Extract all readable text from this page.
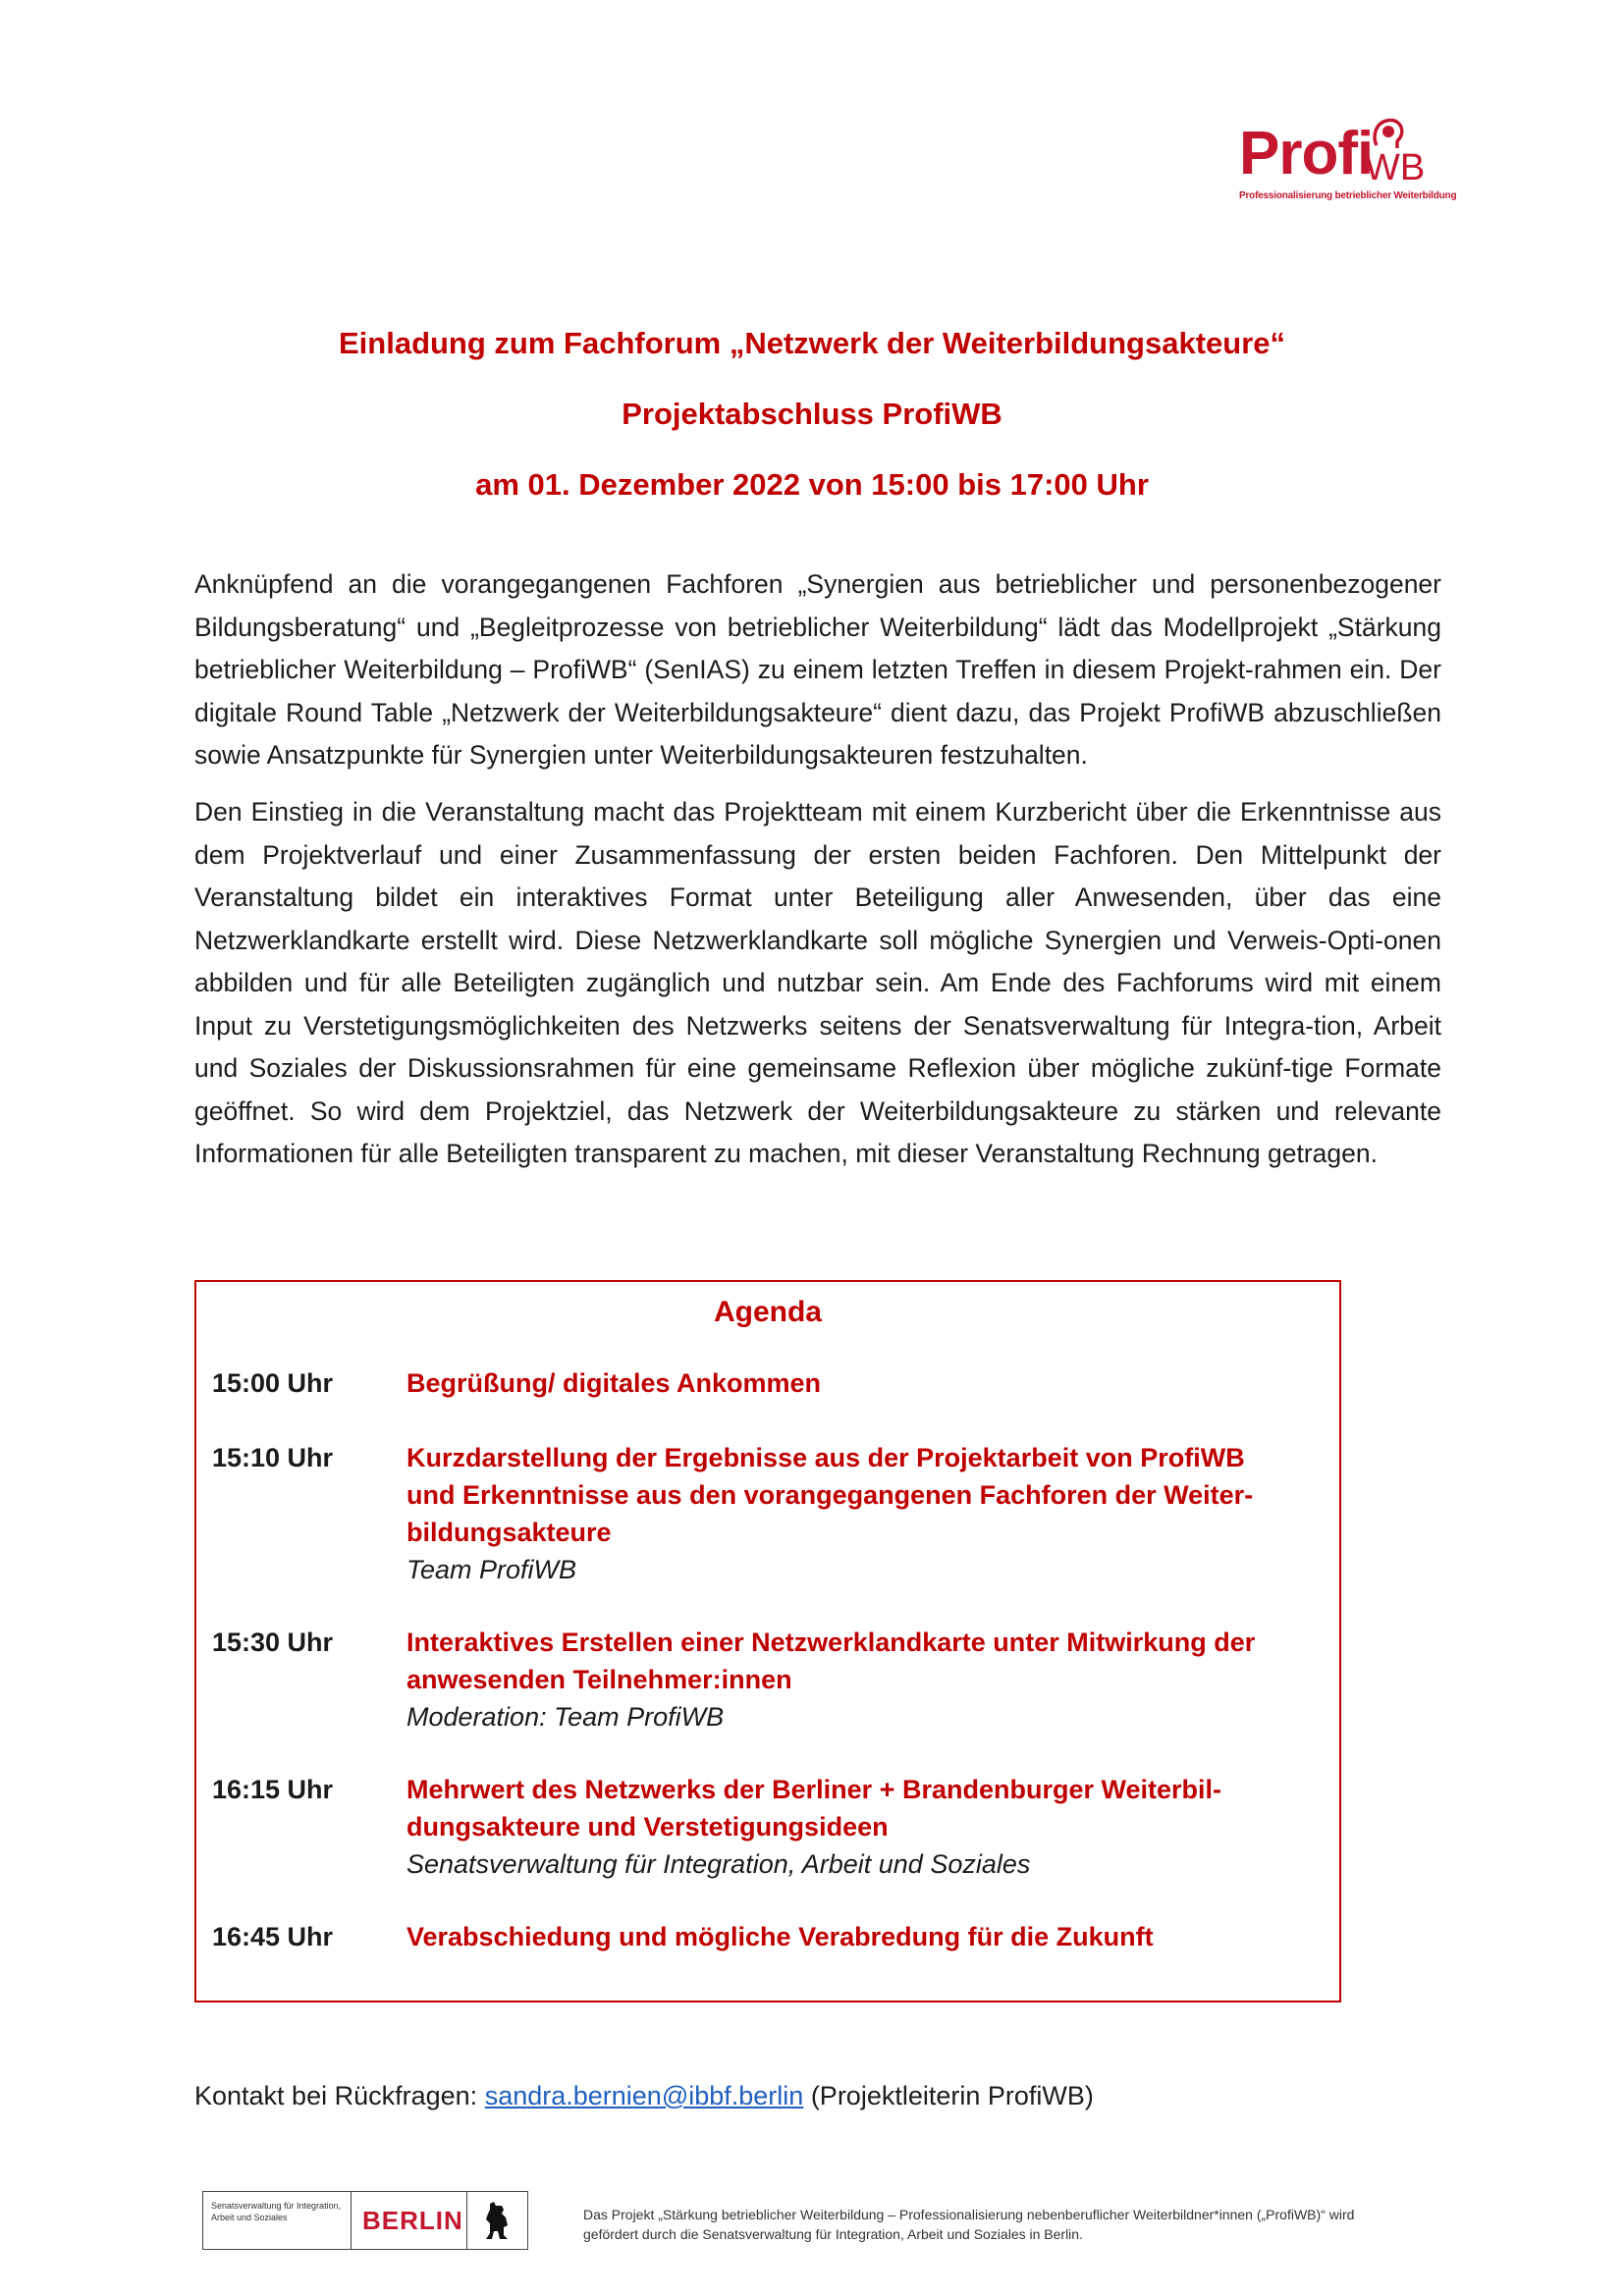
Profi
WB
Professionalisierung betrieblicher Weiterbildung
Einladung zum Fachforum „Netzwerk der Weiterbildungsakteure“
Projektabschluss ProfiWB
am 01. Dezember 2022 von 15:00 bis 17:00 Uhr

Anknüpfend an die vorangegangenen Fachforen „Synergien aus betrieblicher und personenbezogener Bildungsberatung“ und „Begleitprozesse von betrieblicher Weiterbildung“ lädt das Modellprojekt „Stärkung betrieblicher Weiterbildung – ProfiWB“ (SenIAS) zu einem letzten Treffen in diesem Projekt-rahmen ein. Der digitale Round Table „Netzwerk der Weiterbildungsakteure“ dient dazu, das Projekt ProfiWB abzuschließen sowie Ansatzpunkte für Synergien unter Weiterbildungsakteuren festzuhalten.

Den Einstieg in die Veranstaltung macht das Projektteam mit einem Kurzbericht über die Erkenntnisse aus dem Projektverlauf und einer Zusammenfassung der ersten beiden Fachforen. Den Mittelpunkt der Veranstaltung bildet ein interaktives Format unter Beteiligung aller Anwesenden, über das eine Netzwerklandkarte erstellt wird. Diese Netzwerklandkarte soll mögliche Synergien und Verweis-Opti-onen abbilden und für alle Beteiligten zugänglich und nutzbar sein. Am Ende des Fachforums wird mit einem Input zu Verstetigungsmöglichkeiten des Netzwerks seitens der Senatsverwaltung für Integra-tion, Arbeit und Soziales der Diskussionsrahmen für eine gemeinsame Reflexion über mögliche zukünf-tige Formate geöffnet. So wird dem Projektziel, das Netzwerk der Weiterbildungsakteure zu stärken und relevante Informationen für alle Beteiligten transparent zu machen, mit dieser Veranstaltung Rechnung getragen.

Agenda
15:00 Uhr	Begrüßung/ digitales Ankommen
15:10 Uhr	Kurzdarstellung der Ergebnisse aus der Projektarbeit von ProfiWB und Erkenntnisse aus den vorangegangenen Fachforen der Weiter-bildungsakteure
Team ProfiWB
15:30 Uhr	Interaktives Erstellen einer Netzwerklandkarte unter Mitwirkung der anwesenden Teilnehmer:innen
Moderation: Team ProfiWB
16:15 Uhr	Mehrwert des Netzwerks der Berliner + Brandenburger Weiterbil-dungsakteure und Verstetigungsideen
Senatsverwaltung für Integration, Arbeit und Soziales
16:45 Uhr	Verabschiedung und mögliche Verabredung für die Zukunft
Kontakt bei Rückfragen: sandra.bernien@ibbf.berlin (Projektleiterin ProfiWB)
Senatsverwaltung für Integration, Arbeit und Soziales	BERLIN	Das Projekt „Stärkung betrieblicher Weiterbildung – Professionalisierung nebenberuflicher Weiterbildner*innen („ProfiWB)“ wird gefördert durch die Senatsverwaltung für Integration, Arbeit und Soziales in Berlin.
